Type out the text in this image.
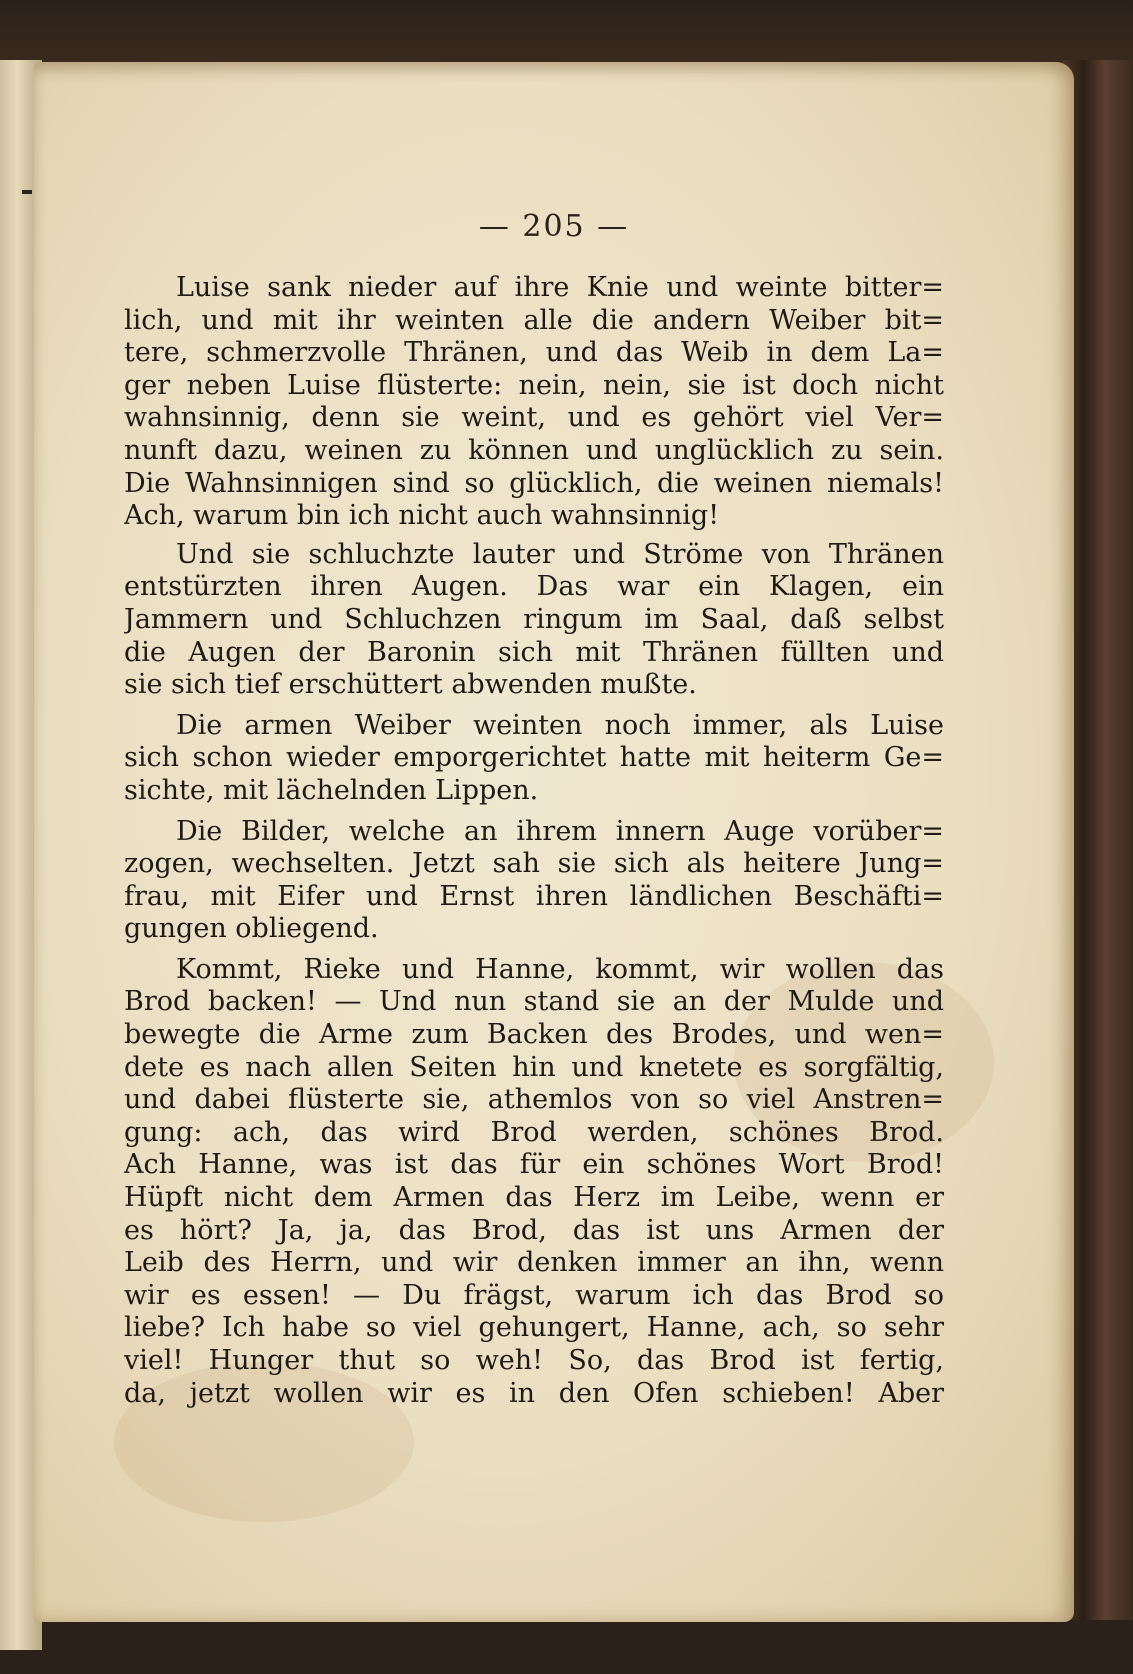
— 205 —
Luise sank nieder auf ihre Knie und weinte bitter=
lich, und mit ihr weinten alle die andern Weiber bit=
tere, schmerzvolle Thränen, und das Weib in dem La=
ger neben Luise flüsterte: nein, nein, sie ist doch nicht
wahnsinnig, denn sie weint, und es gehört viel Ver=
nunft dazu, weinen zu können und unglücklich zu sein.
Die Wahnsinnigen sind so glücklich, die weinen niemals!
Ach, warum bin ich nicht auch wahnsinnig!
Und sie schluchzte lauter und Ströme von Thränen
entstürzten ihren Augen. Das war ein Klagen, ein
Jammern und Schluchzen ringum im Saal, daß selbst
die Augen der Baronin sich mit Thränen füllten und
sie sich tief erschüttert abwenden mußte.
Die armen Weiber weinten noch immer, als Luise
sich schon wieder emporgerichtet hatte mit heiterm Ge=
sichte, mit lächelnden Lippen.
Die Bilder, welche an ihrem innern Auge vorüber=
zogen, wechselten. Jetzt sah sie sich als heitere Jung=
frau, mit Eifer und Ernst ihren ländlichen Beschäfti=
gungen obliegend.
Kommt, Rieke und Hanne, kommt, wir wollen das
Brod backen! — Und nun stand sie an der Mulde und
bewegte die Arme zum Backen des Brodes, und wen=
dete es nach allen Seiten hin und knetete es sorgfältig,
und dabei flüsterte sie, athemlos von so viel Anstren=
gung: ach, das wird Brod werden, schönes Brod.
Ach Hanne, was ist das für ein schönes Wort Brod!
Hüpft nicht dem Armen das Herz im Leibe, wenn er
es hört? Ja, ja, das Brod, das ist uns Armen der
Leib des Herrn, und wir denken immer an ihn, wenn
wir es essen! — Du frägst, warum ich das Brod so
liebe? Ich habe so viel gehungert, Hanne, ach, so sehr
viel! Hunger thut so weh! So, das Brod ist fertig,
da, jetzt wollen wir es in den Ofen schieben! Aber
